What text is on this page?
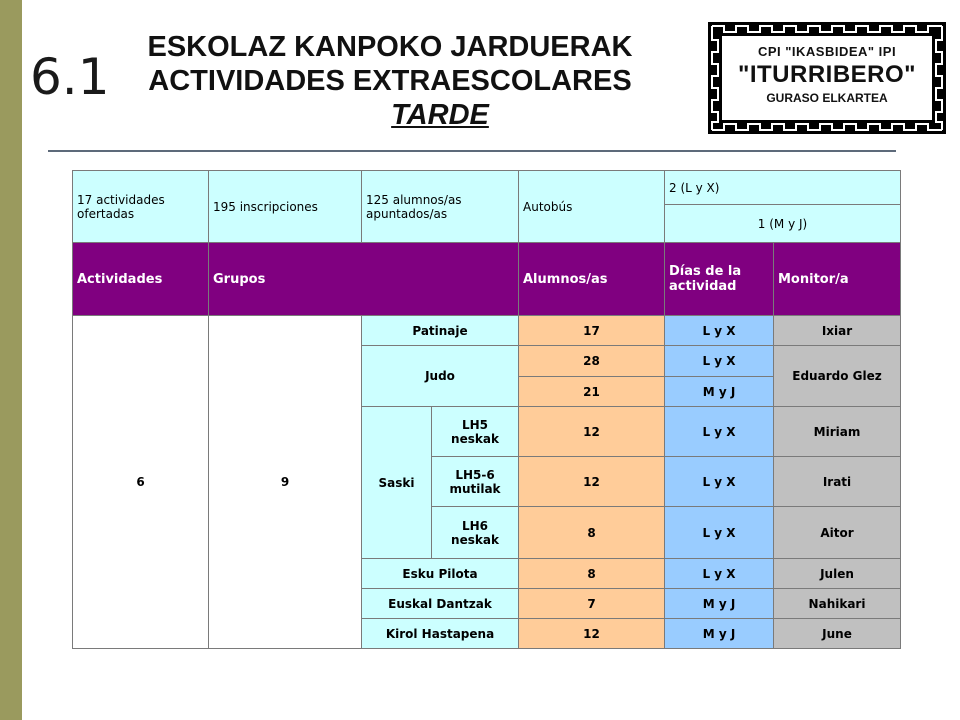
6.1
ESKOLAZ KANPOKO JARDUERAK
ACTIVIDADES EXTRAESCOLARES
TARDE
CPI "IKASBIDEA" IPI
"ITURRIBERO"
GURASO ELKARTEA
17 actividades ofertadas	195 inscripciones	125 alumnos/as apuntados/as		Autobús	2 (L y X)	
					1 (M y J)	
Actividades	Grupos			Alumnos/as	Días de la actividad	Monitor/a
6	9	Patinaje		17	L y X	Ixiar
		Judo		28	L y X	Eduardo Glez
				21	M y J	
		Saski	LH5 neskak	12	L y X	Miriam
			LH5-6 mutilak	12	L y X	Irati
			LH6 neskak	8	L y X	Aitor
		Esku Pilota		8	L y X	Julen
		Euskal Dantzak		7	M y J	Nahikari
		Kirol Hastapena		12	M y J	June
